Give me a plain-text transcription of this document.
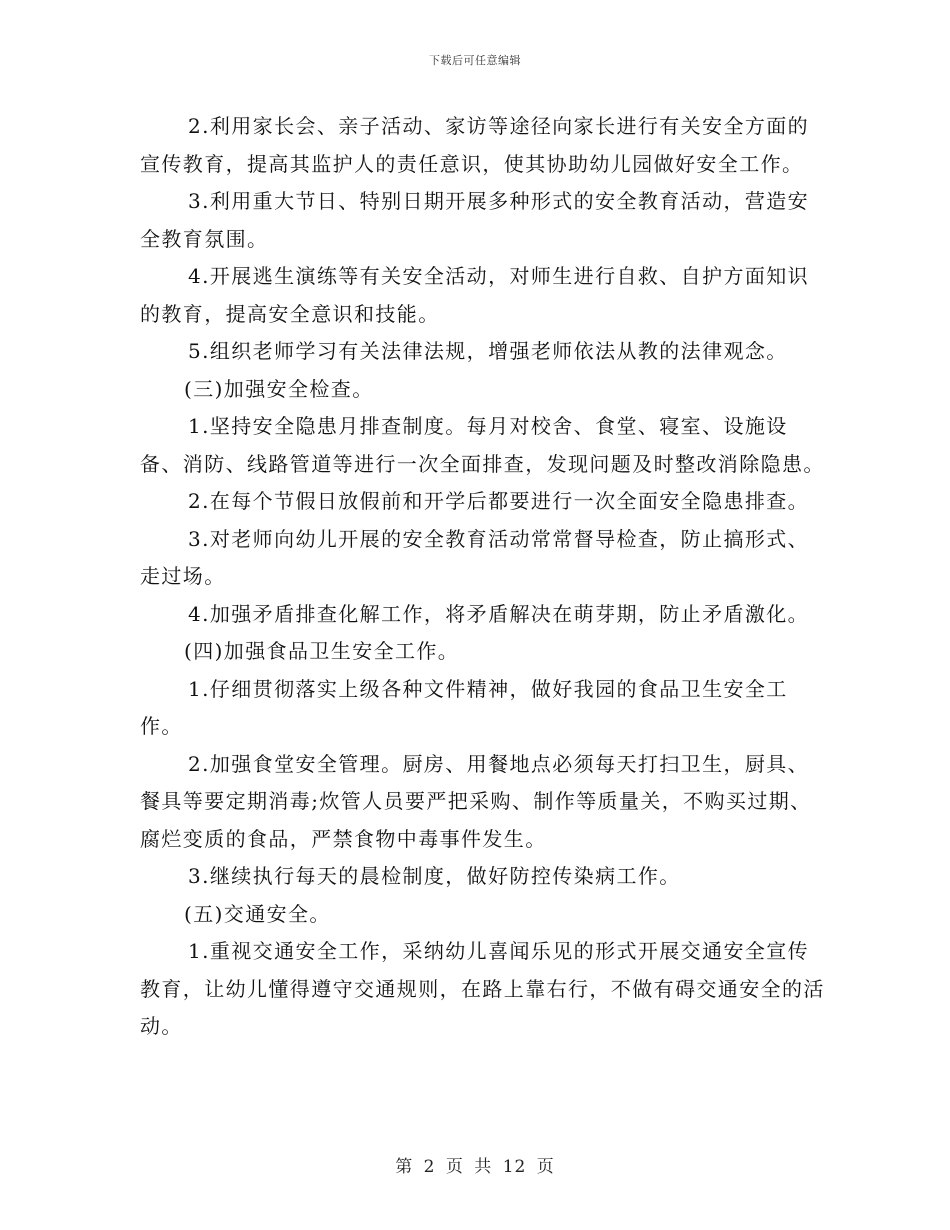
下载后可任意编辑

2.利用家长会、亲子活动、家访等途径向家长进行有关安全方面的宣传教育，提高其监护人的责任意识，使其协助幼儿园做好安全工作。

3.利用重大节日、特别日期开展多种形式的安全教育活动，营造安全教育氛围。

4.开展逃生演练等有关安全活动，对师生进行自救、自护方面知识的教育，提高安全意识和技能。

5.组织老师学习有关法律法规，增强老师依法从教的法律观念。

(三)加强安全检查。

1.坚持安全隐患月排查制度。每月对校舍、食堂、寝室、设施设备、消防、线路管道等进行一次全面排查，发现问题及时整改消除隐患。

2.在每个节假日放假前和开学后都要进行一次全面安全隐患排查。

3.对老师向幼儿开展的安全教育活动常常督导检查，防止搞形式、走过场。

4.加强矛盾排查化解工作，将矛盾解决在萌芽期，防止矛盾激化。

(四)加强食品卫生安全工作。

1.仔细贯彻落实上级各种文件精神，做好我园的食品卫生安全工作。

2.加强食堂安全管理。厨房、用餐地点必须每天打扫卫生，厨具、餐具等要定期消毒;炊管人员要严把采购、制作等质量关，不购买过期、腐烂变质的食品，严禁食物中毒事件发生。

3.继续执行每天的晨检制度，做好防控传染病工作。

(五)交通安全。

1.重视交通安全工作，采纳幼儿喜闻乐见的形式开展交通安全宣传教育，让幼儿懂得遵守交通规则，在路上靠右行，不做有碍交通安全的活动。

第 2 页 共 12 页
